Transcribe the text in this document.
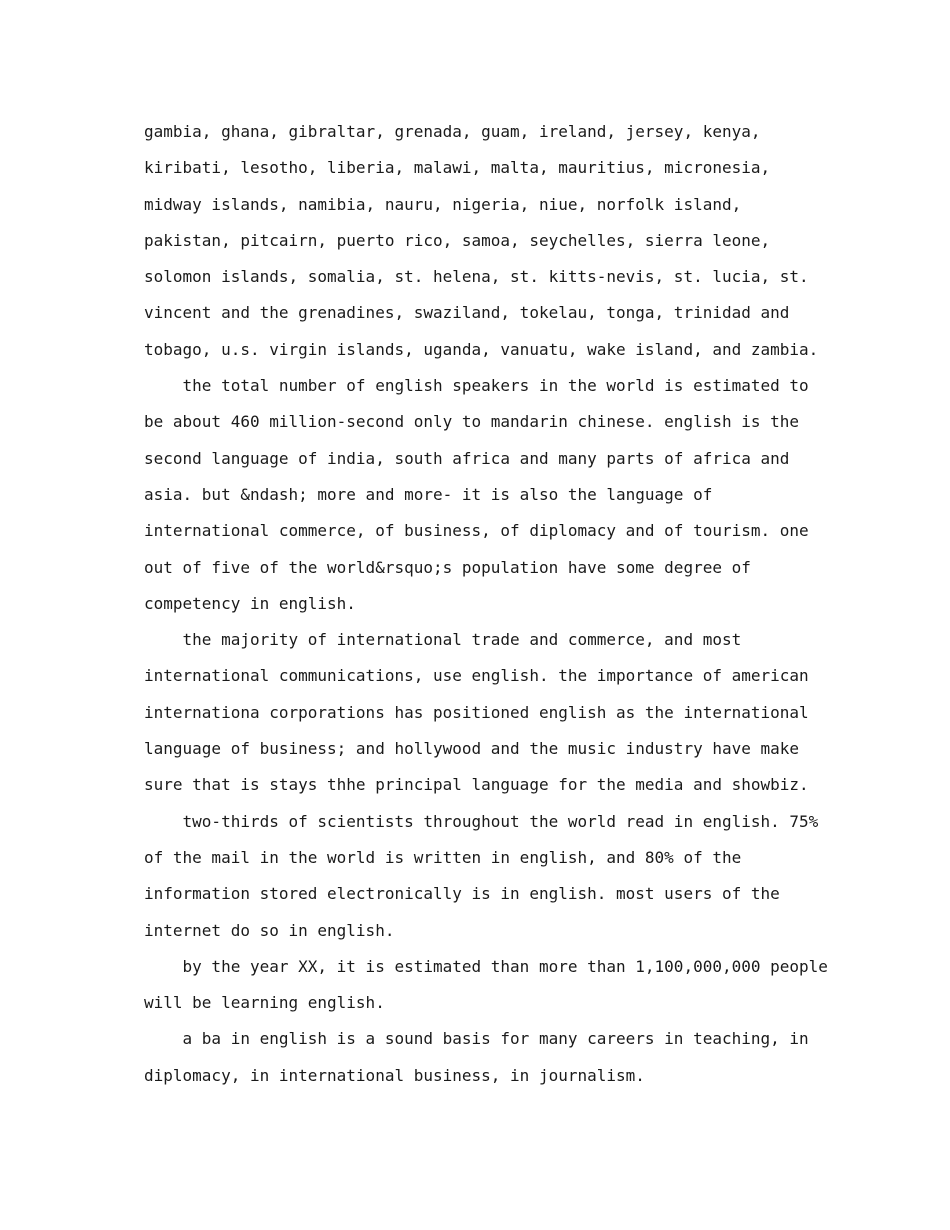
gambia, ghana, gibraltar, grenada, guam, ireland, jersey, kenya,
kiribati, lesotho, liberia, malawi, malta, mauritius, micronesia,
midway islands, namibia, nauru, nigeria, niue, norfolk island,
pakistan, pitcairn, puerto rico, samoa, seychelles, sierra leone,
solomon islands, somalia, st. helena, st. kitts-nevis, st. lucia, st.
vincent and the grenadines, swaziland, tokelau, tonga, trinidad and
tobago, u.s. virgin islands, uganda, vanuatu, wake island, and zambia.
the total number of english speakers in the world is estimated to
be about 460 million-second only to mandarin chinese. english is the
second language of india, south africa and many parts of africa and
asia. but &ndash; more and more- it is also the language of
international commerce, of business, of diplomacy and of tourism. one
out of five of the world&rsquo;s population have some degree of
competency in english.
the majority of international trade and commerce, and most
international communications, use english. the importance of american
internationa corporations has positioned english as the international
language of business; and hollywood and the music industry have make
sure that is stays thhe principal language for the media and showbiz.
two-thirds of scientists throughout the world read in english. 75%
of the mail in the world is written in english, and 80% of the
information stored electronically is in english. most users of the
internet do so in english.
by the year XX, it is estimated than more than 1,100,000,000 people
will be learning english.
a ba in english is a sound basis for many careers in teaching, in
diplomacy, in international business, in journalism.
